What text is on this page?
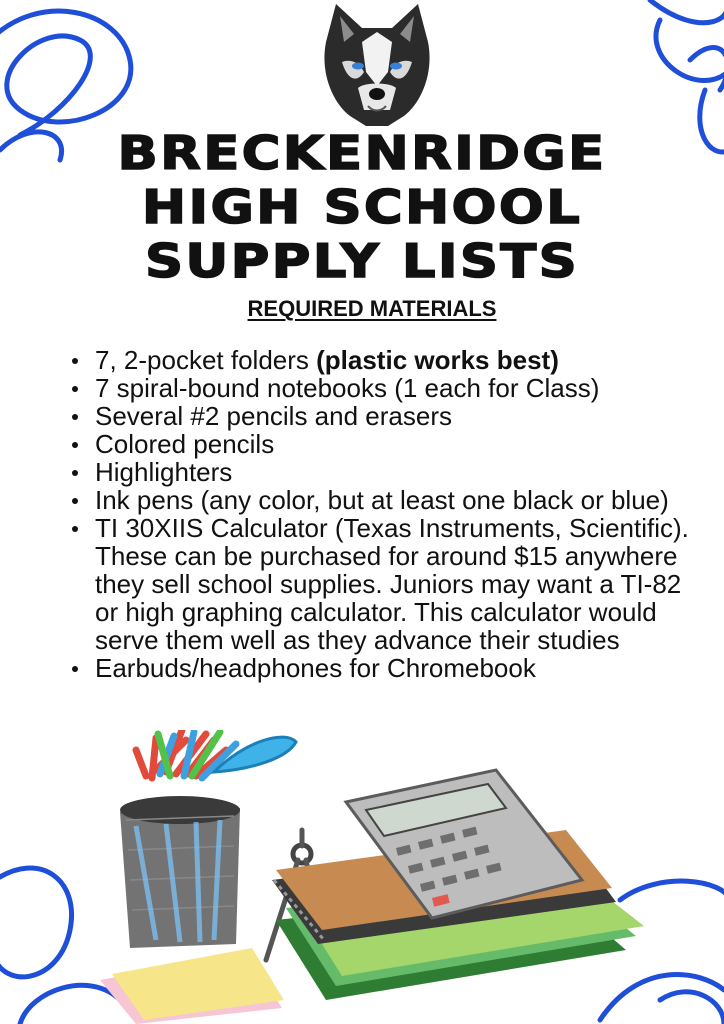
BRECKENRIDGE
HIGH SCHOOL
SUPPLY LISTS
REQUIRED MATERIALS
7, 2-pocket folders (plastic works best)
7 spiral-bound notebooks (1 each for Class)
Several #2 pencils and erasers
Colored pencils
Highlighters
Ink pens (any color, but at least one black or blue)
TI 30XIIS Calculator (Texas Instruments, Scientific). These can be purchased for around $15 anywhere they sell school supplies. Juniors may want a TI-82 or high graphing calculator. This calculator would serve them well as they advance their studies
Earbuds/headphones for Chromebook
